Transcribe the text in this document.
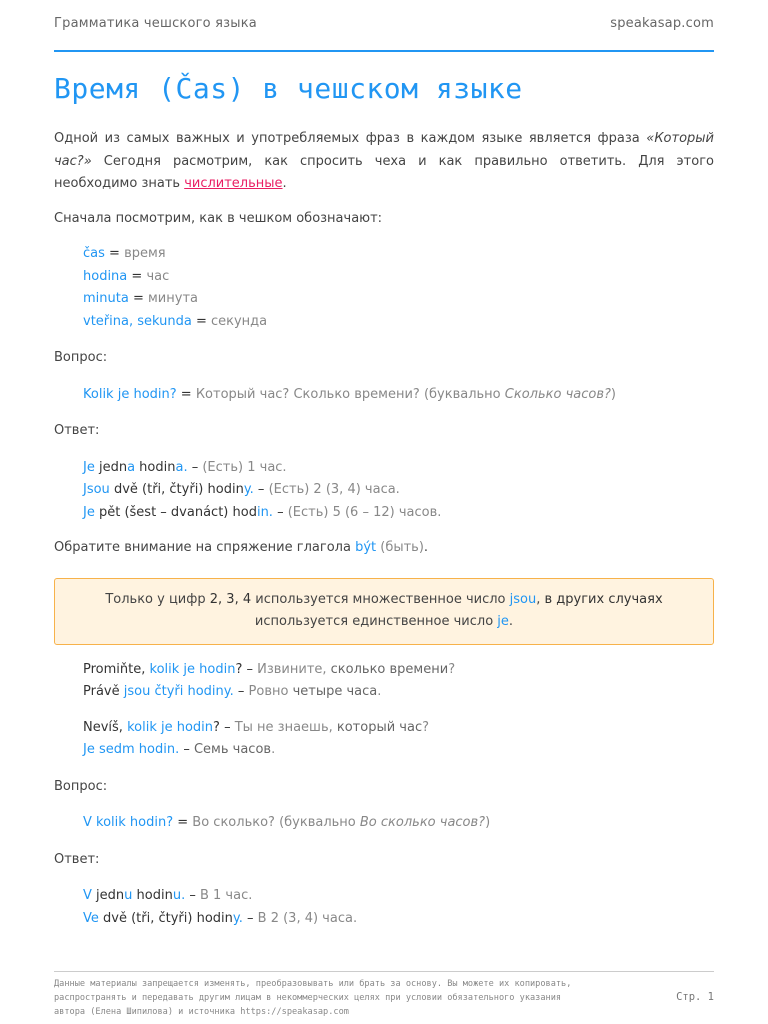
Грамматика чешского языка	speakasap.com
Время (Čas) в чешском языке

Одной из самых важных и употребляемых фраз в каждом языке является фраза «Который час?» Сегодня расмотрим, как спросить чеха и как правильно ответить. Для этого необходимо знать числительные.

Сначала посмотрим, как в чешком обозначают:

čas = время
hodina = час
minuta = минута
vteřina, sekunda = секунда

Вопрос:

Kolik je hodin? = Который час? Сколько времени? (буквально Сколько часов?)

Ответ:

Je jedna hodina. – (Есть) 1 час.
Jsou dvě (tři, čtyři) hodiny. – (Есть) 2 (3, 4) часа.
Je pět (šest – dvanáct) hodin. – (Есть) 5 (6 – 12) часов.

Обратите внимание на спряжение глагола být (быть).

Только у цифр 2, 3, 4 используется множественное число jsou, в других случаях используется единственное число je.
Promiňte, kolik je hodin? – Извините, сколько времени?
Právě jsou čtyři hodiny. – Ровно четыре часа.
Nevíš, kolik je hodin? – Ты не знаешь, который час?
Je sedm hodin. – Семь часов.

Вопрос:

V kolik hodin? = Во сколько? (буквально Во сколько часов?)

Ответ:

V jednu hodinu. – В 1 час.
Ve dvě (tři, čtyři) hodiny. – В 2 (3, 4) часа.
Данные материалы запрещается изменять, преобразовывать или брать за основу. Вы можете их копировать, распространять и передавать другим лицам в некоммерческих целях при условии обязательного указания автора (Елена Шипилова) и источника https://speakasap.com
Стр. 1
